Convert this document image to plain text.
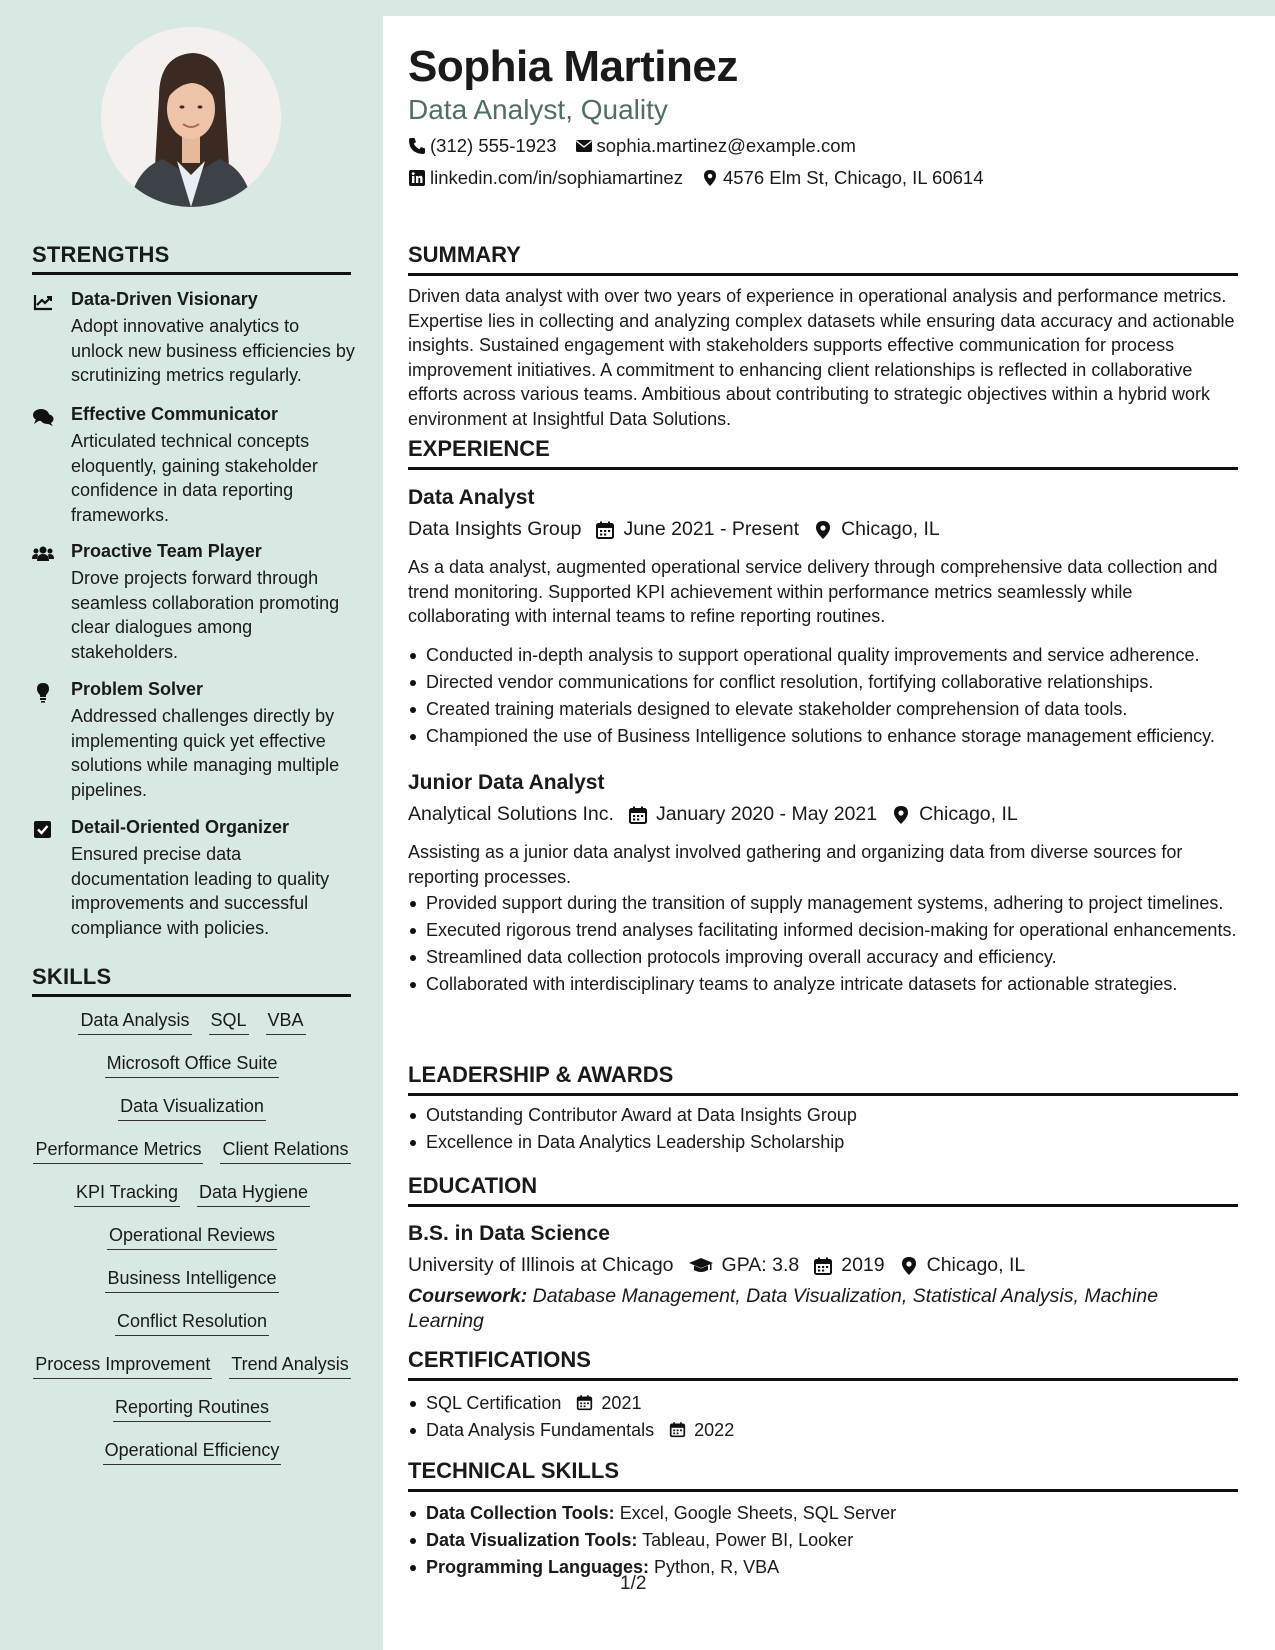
STRENGTHS
Data-Driven Visionary
Adopt innovative analytics to unlock new business efficiencies by scrutinizing metrics regularly.
Effective Communicator
Articulated technical concepts eloquently, gaining stakeholder confidence in data reporting frameworks.
Proactive Team Player
Drove projects forward through seamless collaboration promoting clear dialogues among stakeholders.
Problem Solver
Addressed challenges directly by implementing quick yet effective solutions while managing multiple pipelines.
Detail-Oriented Organizer
Ensured precise data documentation leading to quality improvements and successful compliance with policies.
SKILLS
Data Analysis SQL VBA
Microsoft Office Suite
Data Visualization
Performance Metrics Client Relations
KPI Tracking Data Hygiene
Operational Reviews
Business Intelligence
Conflict Resolution
Process Improvement Trend Analysis
Reporting Routines
Operational Efficiency
Sophia Martinez
Data Analyst, Quality
(312) 555-1923 sophia.martinez@example.com
linkedin.com/in/sophiamartinez 4576 Elm St, Chicago, IL 60614
SUMMARY
Driven data analyst with over two years of experience in operational analysis and performance metrics. Expertise lies in collecting and analyzing complex datasets while ensuring data accuracy and actionable insights. Sustained engagement with stakeholders supports effective communication for process improvement initiatives. A commitment to enhancing client relationships is reflected in collaborative efforts across various teams. Ambitious about contributing to strategic objectives within a hybrid work environment at Insightful Data Solutions.
EXPERIENCE
Data Analyst
Data Insights Group June 2021 - Present Chicago, IL
As a data analyst, augmented operational service delivery through comprehensive data collection and trend monitoring. Supported KPI achievement within performance metrics seamlessly while collaborating with internal teams to refine reporting routines.
Conducted in-depth analysis to support operational quality improvements and service adherence.
Directed vendor communications for conflict resolution, fortifying collaborative relationships.
Created training materials designed to elevate stakeholder comprehension of data tools.
Championed the use of Business Intelligence solutions to enhance storage management efficiency.
Junior Data Analyst
Analytical Solutions Inc. January 2020 - May 2021 Chicago, IL
Assisting as a junior data analyst involved gathering and organizing data from diverse sources for reporting processes.
Provided support during the transition of supply management systems, adhering to project timelines.
Executed rigorous trend analyses facilitating informed decision-making for operational enhancements.
Streamlined data collection protocols improving overall accuracy and efficiency.
Collaborated with interdisciplinary teams to analyze intricate datasets for actionable strategies.
LEADERSHIP & AWARDS
Outstanding Contributor Award at Data Insights Group
Excellence in Data Analytics Leadership Scholarship
EDUCATION
B.S. in Data Science
University of Illinois at Chicago GPA: 3.8 2019 Chicago, IL
Coursework: Database Management, Data Visualization, Statistical Analysis, Machine Learning
CERTIFICATIONS
SQL Certification 2021
Data Analysis Fundamentals 2022
TECHNICAL SKILLS
Data Collection Tools: Excel, Google Sheets, SQL Server
Data Visualization Tools: Tableau, Power BI, Looker
Programming Languages: Python, R, VBA
1/2
